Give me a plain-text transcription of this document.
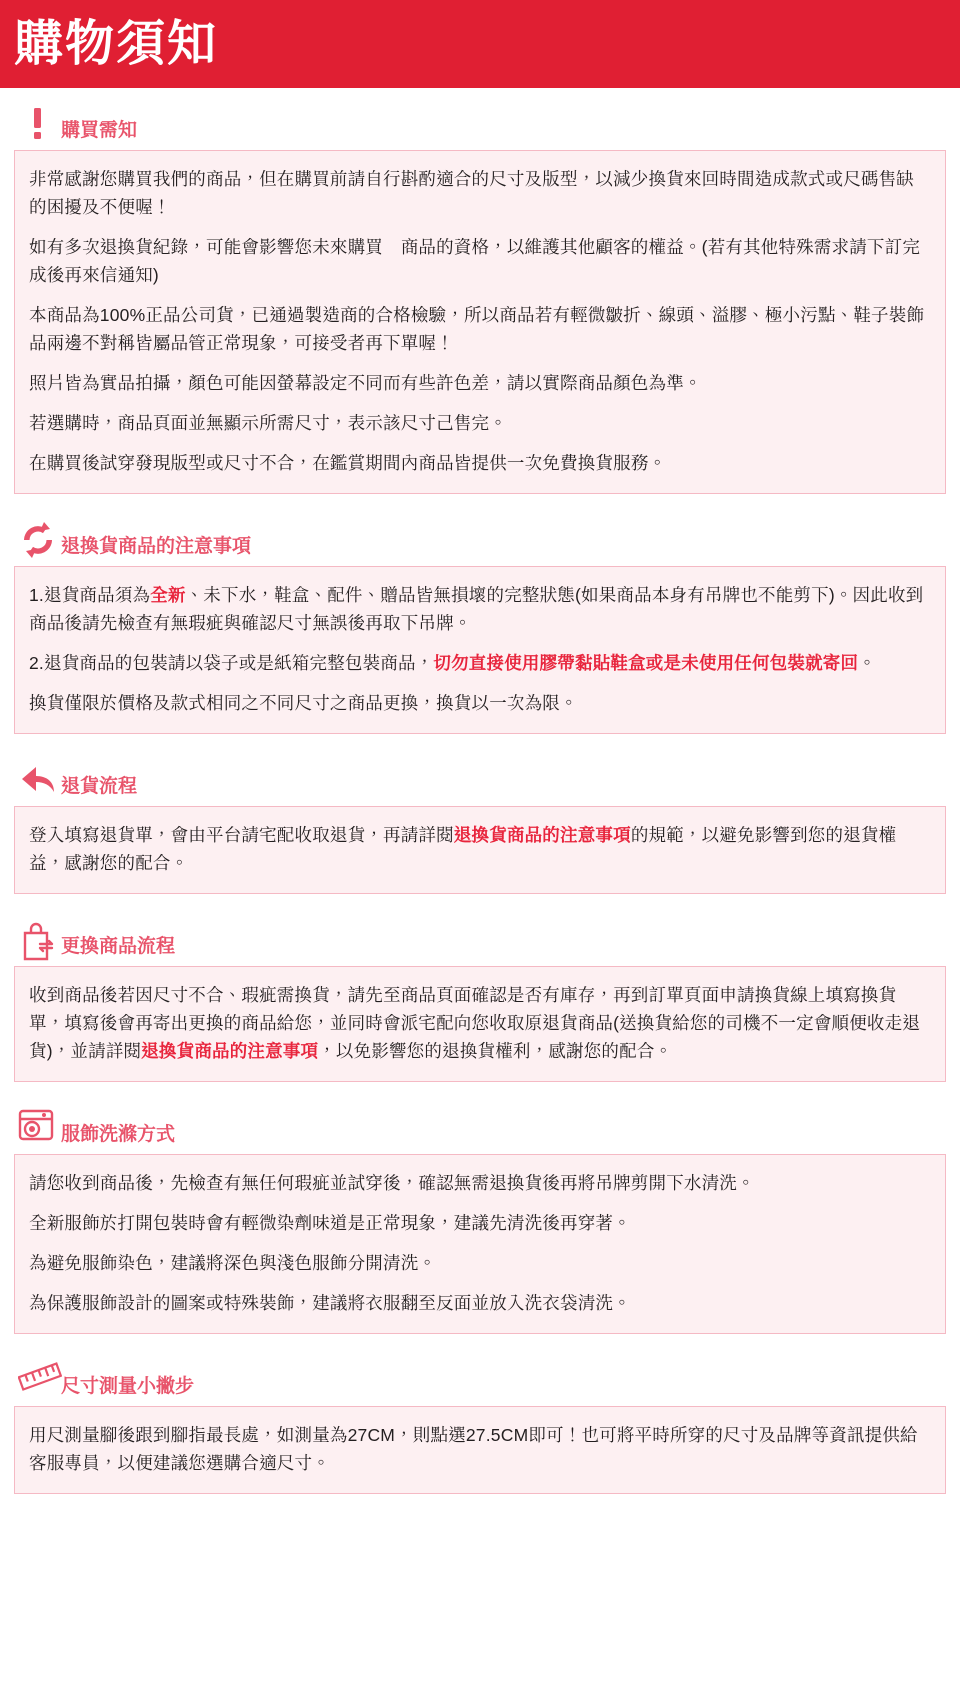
購物須知
購買需知

非常感謝您購買我們的商品，但在購買前請自行斟酌適合的尺寸及版型，以減少換貨來回時間造成款式或尺碼售缺的困擾及不便喔！

如有多次退換貨紀錄，可能會影響您未來購買　商品的資格，以維護其他顧客的權益。(若有其他特殊需求請下訂完成後再來信通知)

本商品為100%正品公司貨，已通過製造商的合格檢驗，所以商品若有輕微皺折、線頭、溢膠、極小污點、鞋子裝飾品兩邊不對稱皆屬品管正常現象，可接受者再下單喔！

照片皆為實品拍攝，顏色可能因螢幕設定不同而有些許色差，請以實際商品顏色為準。

若選購時，商品頁面並無顯示所需尺寸，表示該尺寸己售完。

在購買後試穿發現版型或尺寸不合，在鑑賞期間內商品皆提供一次免費換貨服務。

退換貨商品的注意事項

1.退貨商品須為全新、未下水，鞋盒、配件、贈品皆無損壞的完整狀態(如果商品本身有吊牌也不能剪下)。因此收到商品後請先檢查有無瑕疵與確認尺寸無誤後再取下吊牌。

2.退貨商品的包裝請以袋子或是紙箱完整包裝商品，切勿直接使用膠帶黏貼鞋盒或是未使用任何包裝就寄回。

換貨僅限於價格及款式相同之不同尺寸之商品更換，換貨以一次為限。

退貨流程

登入填寫退貨單，會由平台請宅配收取退貨，再請詳閱退換貨商品的注意事項的規範，以避免影響到您的退貨權益，感謝您的配合。

更換商品流程

收到商品後若因尺寸不合、瑕疵需換貨，請先至商品頁面確認是否有庫存，再到訂單頁面申請換貨線上填寫換貨單，填寫後會再寄出更換的商品給您，並同時會派宅配向您收取原退貨商品(送換貨給您的司機不一定會順便收走退貨)，並請詳閱退換貨商品的注意事項，以免影響您的退換貨權利，感謝您的配合。

服飾洗滌方式

請您收到商品後，先檢查有無任何瑕疵並試穿後，確認無需退換貨後再將吊牌剪開下水清洗。

全新服飾於打開包裝時會有輕微染劑味道是正常現象，建議先清洗後再穿著。

為避免服飾染色，建議將深色與淺色服飾分開清洗。

為保護服飾設計的圖案或特殊裝飾，建議將衣服翻至反面並放入洗衣袋清洗。

尺寸測量小撇步

用尺測量腳後跟到腳指最長處，如測量為27CM，則點選27.5CM即可！也可將平時所穿的尺寸及品牌等資訊提供給客服專員，以便建議您選購合適尺寸。
